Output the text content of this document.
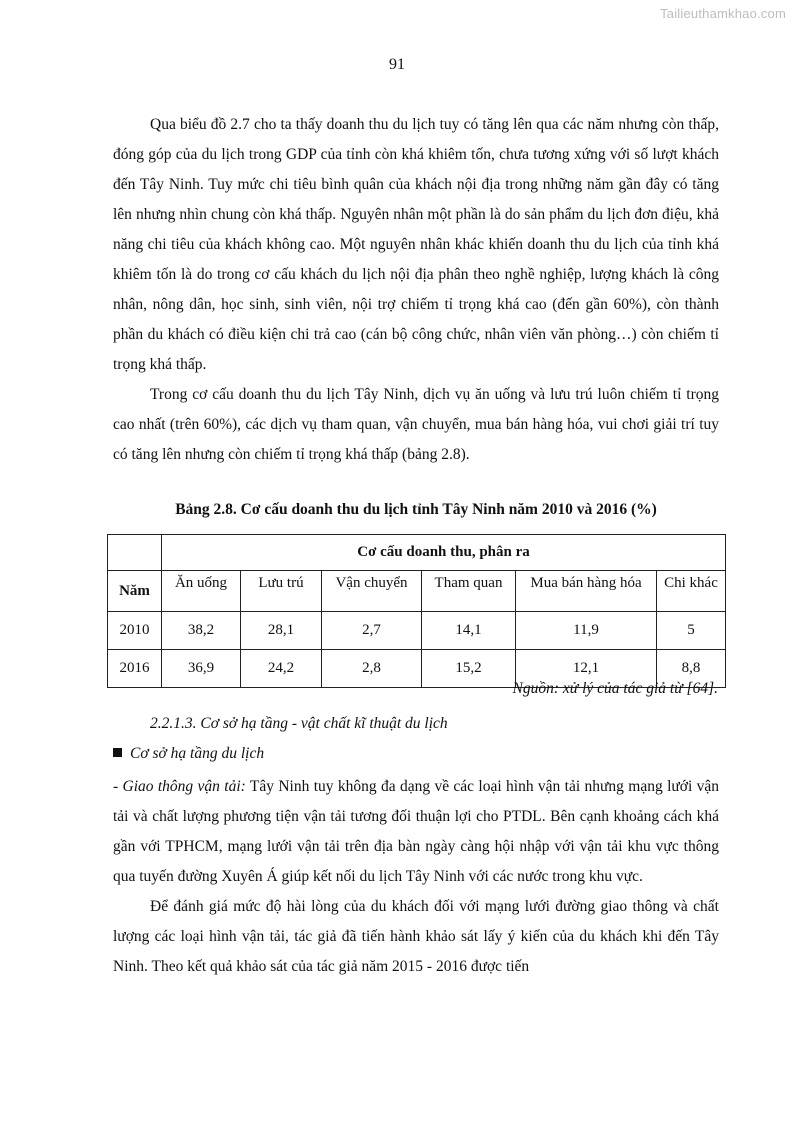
Tailieuthamkhao.com
91

Qua biểu đồ 2.7 cho ta thấy doanh thu du lịch tuy có tăng lên qua các năm nhưng còn thấp, đóng góp của du lịch trong GDP của tỉnh còn khá khiêm tốn, chưa tương xứng với số lượt khách đến Tây Ninh. Tuy mức chi tiêu bình quân của khách nội địa trong những năm gần đây có tăng lên nhưng nhìn chung còn khá thấp. Nguyên nhân một phần là do sản phẩm du lịch đơn điệu, khả năng chi tiêu của khách không cao. Một nguyên nhân khác khiến doanh thu du lịch của tỉnh khá khiêm tốn là do trong cơ cấu khách du lịch nội địa phân theo nghề nghiệp, lượng khách là công nhân, nông dân, học sinh, sinh viên, nội trợ chiếm tỉ trọng khá cao (đến gần 60%), còn thành phần du khách có điều kiện chi trả cao (cán bộ công chức, nhân viên văn phòng…) còn chiếm tỉ trọng khá thấp.

Trong cơ cấu doanh thu du lịch Tây Ninh, dịch vụ ăn uống và lưu trú luôn chiếm tỉ trọng cao nhất (trên 60%), các dịch vụ tham quan, vận chuyển, mua bán hàng hóa, vui chơi giải trí tuy có tăng lên nhưng còn chiếm tỉ trọng khá thấp (bảng 2.8).

Bảng 2.8. Cơ cấu doanh thu du lịch tỉnh Tây Ninh năm 2010 và 2016 (%)
	Cơ cấu doanh thu, phân ra					
Năm	Ăn uống	Lưu trú	Vận chuyển	Tham quan	Mua bán hàng hóa	Chi khác
2010	38,2	28,1	2,7	14,1	11,9	5
2016	36,9	24,2	2,8	15,2	12,1	8,8
Nguồn: xử lý của tác giả từ [64].
2.2.1.3. Cơ sở hạ tầng - vật chất kĩ thuật du lịch
Cơ sở hạ tầng du lịch

- Giao thông vận tải: Tây Ninh tuy không đa dạng về các loại hình vận tải nhưng mạng lưới vận tải và chất lượng phương tiện vận tải tương đối thuận lợi cho PTDL. Bên cạnh khoảng cách khá gần với TPHCM, mạng lưới vận tải trên địa bàn ngày càng hội nhập với vận tải khu vực thông qua tuyến đường Xuyên Á giúp kết nối du lịch Tây Ninh với các nước trong khu vực.

Để đánh giá mức độ hài lòng của du khách đối với mạng lưới đường giao thông và chất lượng các loại hình vận tải, tác giả đã tiến hành khảo sát lấy ý kiến của du khách khi đến Tây Ninh. Theo kết quả khảo sát của tác giả năm 2015 - 2016 được tiến
